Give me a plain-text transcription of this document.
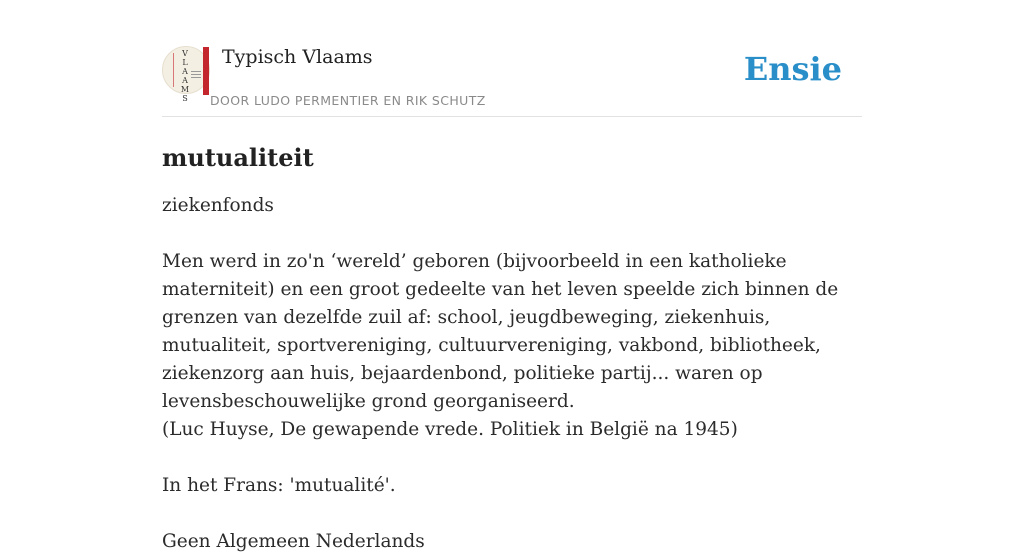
V
L
A
A
M
S
Typisch Vlaams
DOOR LUDO PERMENTIER EN RIK SCHUTZ
Ensie
mutualiteit

ziekenfonds

Men werd in zo'n ‘wereld’ geboren (bijvoorbeeld in een katholieke materniteit) en een groot gedeelte van het leven speelde zich binnen de grenzen van dezelfde zuil af: school, jeugdbeweging, ziekenhuis, mutualiteit, sportvereniging, cultuurvereniging, vakbond, bibliotheek, ziekenzorg aan huis, bejaardenbond, politieke partij... waren op levensbeschouwelijke grond georganiseerd.
(Luc Huyse, De gewapende vrede. Politiek in België na 1945)

In het Frans: 'mutualité'.

Geen Algemeen Nederlands
